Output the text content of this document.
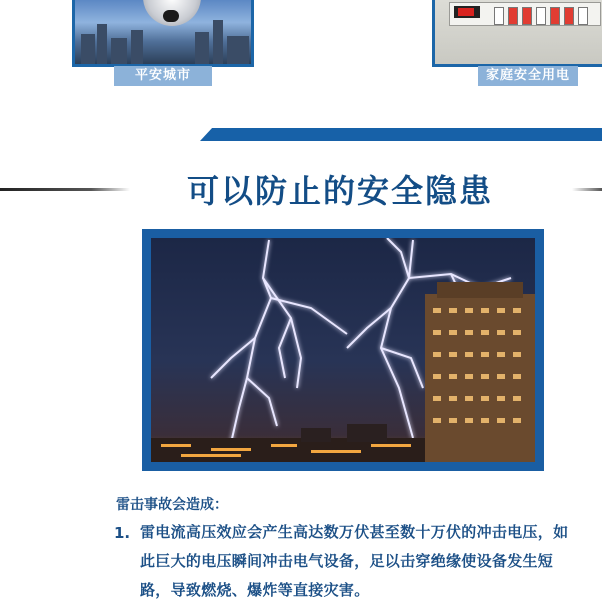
平安城市	家庭安全用电
可以防止的安全隐患
雷击事故会造成：
1. 雷电流高压效应会产生高达数万伏甚至数十万伏的冲击电压，如此巨大的电压瞬间冲击电气设备，足以击穿绝缘使设备发生短路，导致燃烧、爆炸等直接灾害。
